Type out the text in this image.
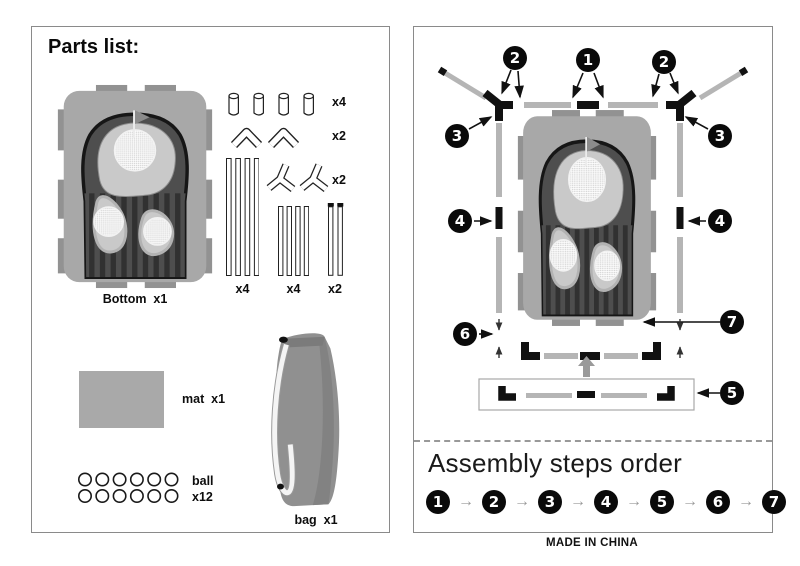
Parts list:
Bottom  x1
x4
x2
x2
x4	x4	x2
mat  x1
ball
x12
bag  x1
2	1	2
3	3
4	4
6
7
5
Assembly steps order
1 → 2 → 3 → 4 → 5 → 6 → 7
MADE IN CHINA
